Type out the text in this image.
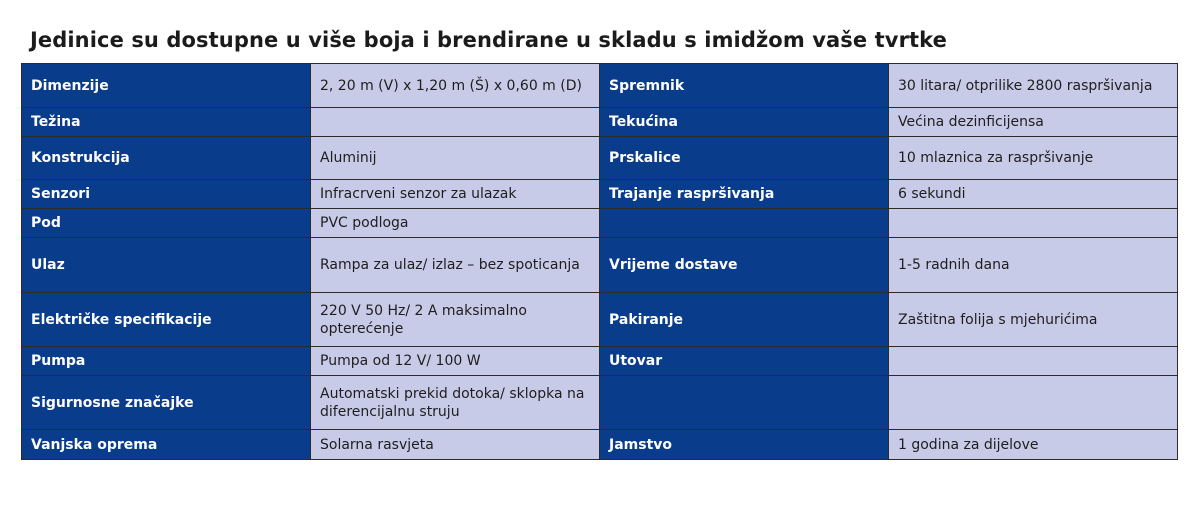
Jedinice su dostupne u više boja i brendirane u skladu s imidžom vaše tvrtke
Dimenzije	2, 20 m (V) x 1,20 m (Š) x 0,60 m (D)	Spremnik	30 litara/ otprilike 2800 raspršivanja
Težina		Tekućina	Većina dezinficijensa
Konstrukcija	Aluminij	Prskalice	10 mlaznica za raspršivanje
Senzori	Infracrveni senzor za ulazak	Trajanje raspršivanja	6 sekundi
Pod	PVC podloga		
Ulaz	Rampa za ulaz/ izlaz – bez spoticanja	Vrijeme dostave	1-5 radnih dana
Električke specifikacije	220 V 50 Hz/ 2 A maksimalno opterećenje	Pakiranje	Zaštitna folija s mjehurićima
Pumpa	Pumpa od 12 V/ 100 W	Utovar	
Sigurnosne značajke	Automatski prekid dotoka/ sklopka na diferencijalnu struju		
Vanjska oprema	Solarna rasvjeta	Jamstvo	1 godina za dijelove
